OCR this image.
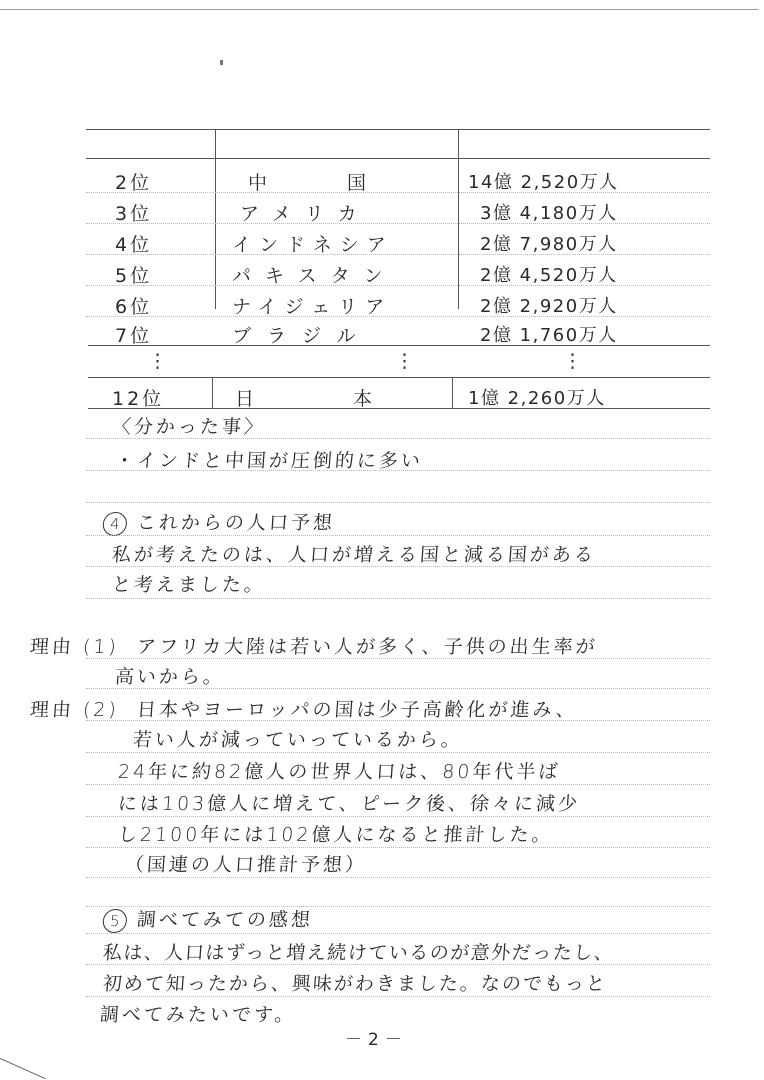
2位	中　　国	14億 2,520万人
3位	アメリカ	3億 4,180万人
4位	インドネシア	2億 7,980万人
5位	パキスタン	2億 4,520万人
6位	ナイジェリア	2億 2,920万人
7位	ブラジル	2億 1,760万人
⋮	⋮	⋮
12位	日　本	1億 2,260万人
〈分かった事〉
・インドと中国が圧倒的に多い
4 これからの人口予想
私が考えたのは、人口が増える国と減る国がある
と考えました。
理由 (1) アフリカ大陸は若い人が多く、子供の出生率が
高いから。
理由 (2) 日本やヨーロッパの国は少子高齢化が進み、
若い人が減っていっているから。
24年に約82億人の世界人口は、80年代半ば
には103億人に増えて、ピーク後、徐々に減少
し2100年には102億人になると推計した。
（国連の人口推計予想）
5 調べてみての感想
私は、人口はずっと増え続けているのが意外だったし、
初めて知ったから、興味がわきました。なのでもっと
調べてみたいです。
－2－
